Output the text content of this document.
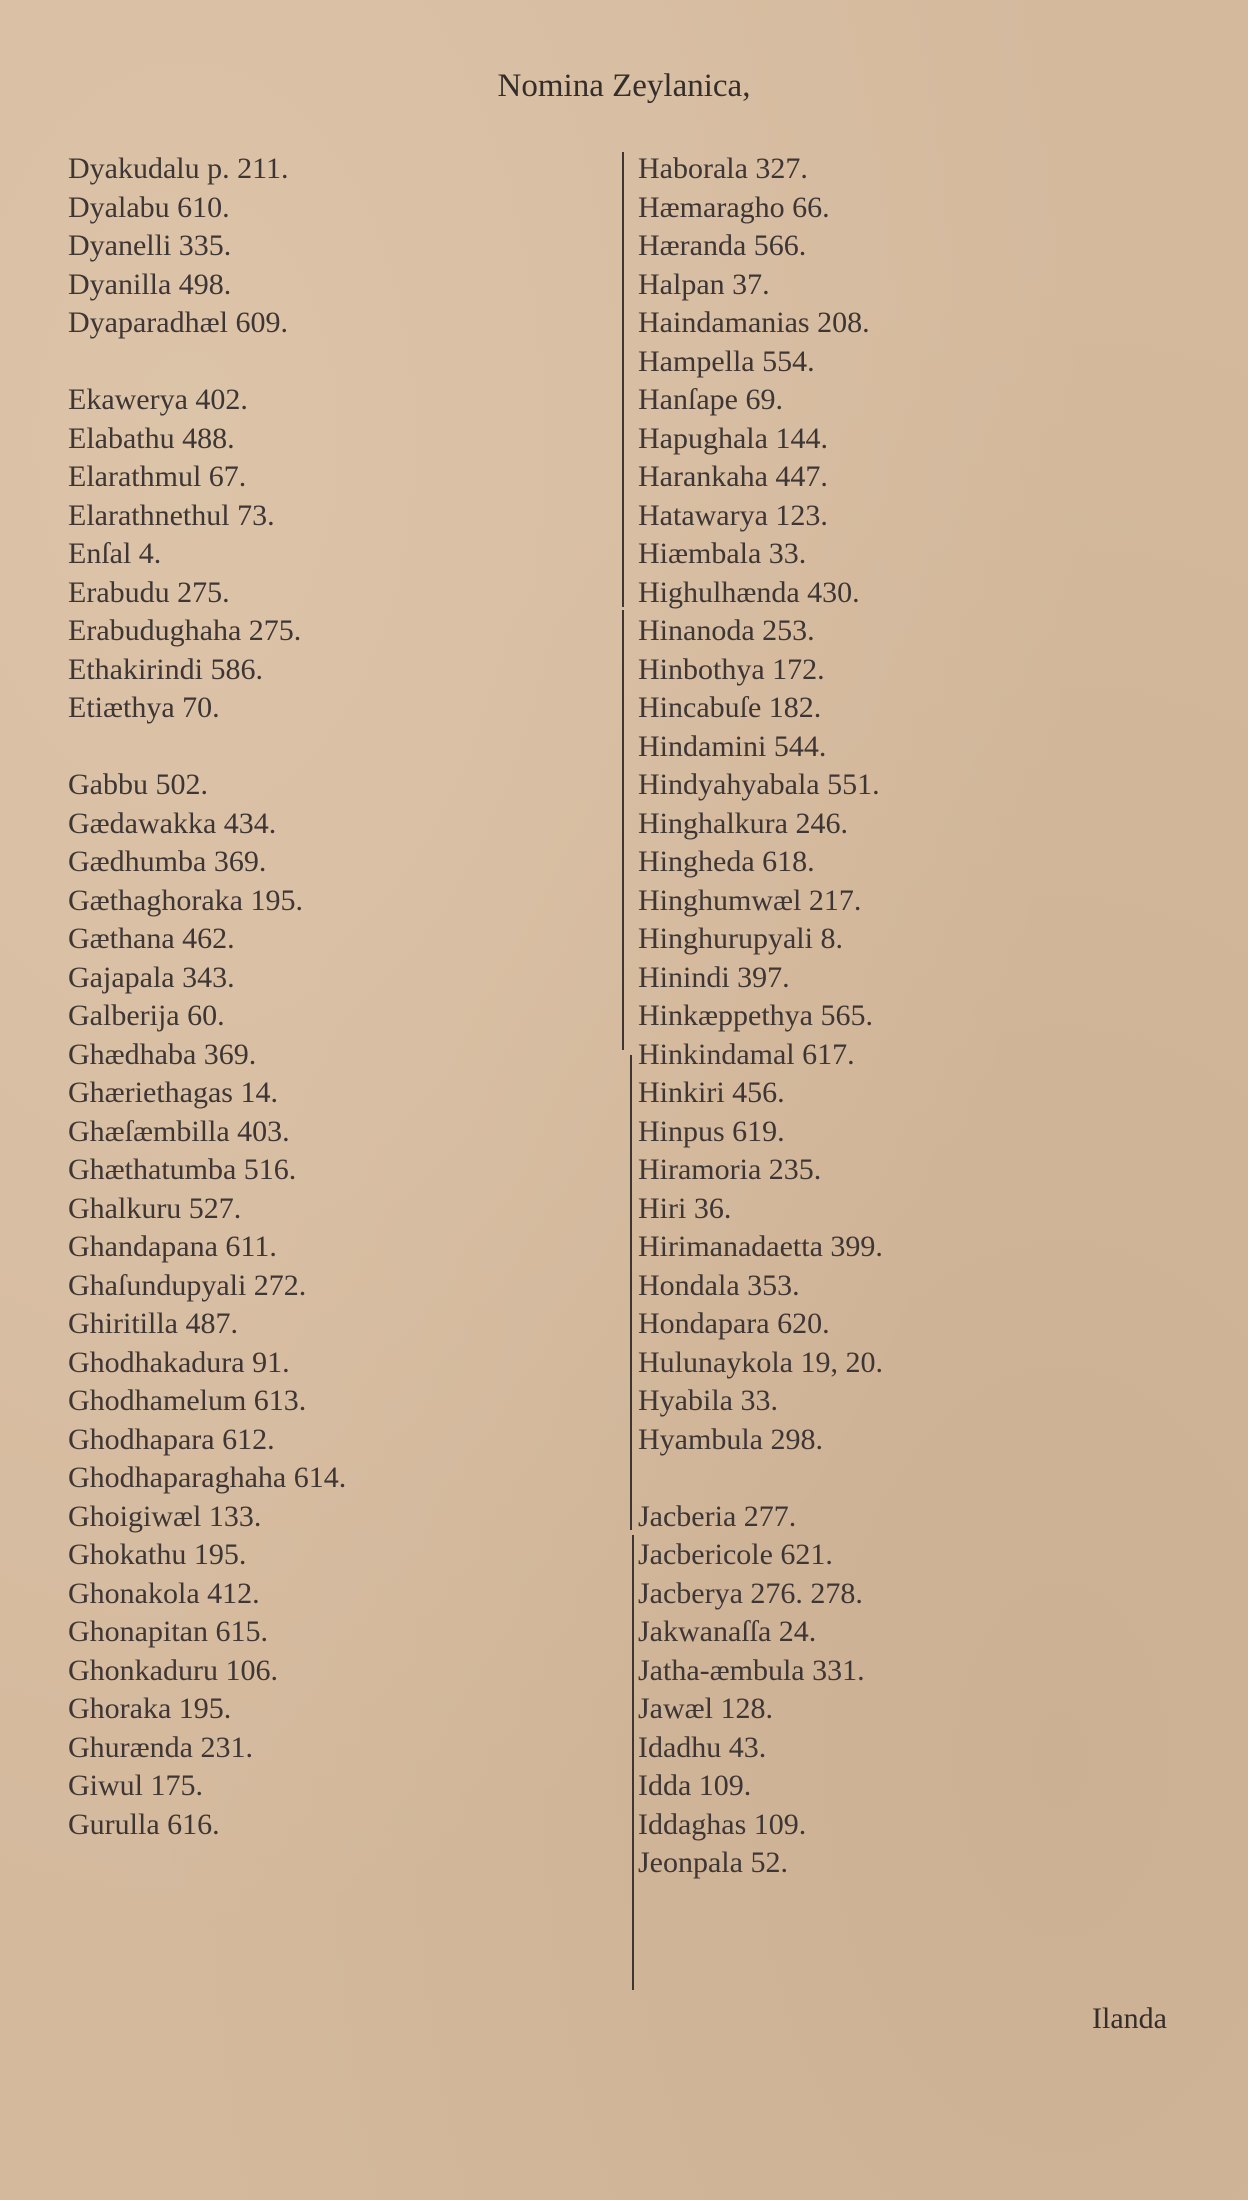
Nomina Zeylanica,
Dyakudalu p. 211.
Dyalabu 610.
Dyanelli 335.
Dyanilla 498.
Dyaparadhæl 609.
Ekawerya 402.
Elabathu 488.
Elarathmul 67.
Elarathnethul 73.
Enſal 4.
Erabudu 275.
Erabudughaha 275.
Ethakirindi 586.
Etiæthya 70.
Gabbu 502.
Gædawakka 434.
Gædhumba 369.
Gæthaghoraka 195.
Gæthana 462.
Gajapala 343.
Galberija 60.
Ghædhaba 369.
Ghæriethagas 14.
Ghæſæmbilla 403.
Ghæthatumba 516.
Ghalkuru 527.
Ghandapana 611.
Ghaſundupyali 272.
Ghiritilla 487.
Ghodhakadura 91.
Ghodhamelum 613.
Ghodhapara 612.
Ghodhaparaghaha 614.
Ghoigiwæl 133.
Ghokathu 195.
Ghonakola 412.
Ghonapitan 615.
Ghonkaduru 106.
Ghoraka 195.
Ghurænda 231.
Giwul 175.
Gurulla 616.
Haborala 327.
Hæmaragho 66.
Hæranda 566.
Halpan 37.
Haindamanias 208.
Hampella 554.
Hanſape 69.
Hapughala 144.
Harankaha 447.
Hatawarya 123.
Hiæmbala 33.
Highulhænda 430.
Hinanoda 253.
Hinbothya 172.
Hincabuſe 182.
Hindamini 544.
Hindyahyabala 551.
Hinghalkura 246.
Hingheda 618.
Hinghumwæl 217.
Hinghurupyali 8.
Hinindi 397.
Hinkæppethya 565.
Hinkindamal 617.
Hinkiri 456.
Hinpus 619.
Hiramoria 235.
Hiri 36.
Hirimanadaetta 399.
Hondala 353.
Hondapara 620.
Hulunaykola 19, 20.
Hyabila 33.
Hyambula 298.
Jacberia 277.
Jacbericole 621.
Jacberya 276. 278.
Jakwanaſſa 24.
Jatha-æmbula 331.
Jawæl 128.
Idadhu 43.
Idda 109.
Iddaghas 109.
Jeonpala 52.
Ilanda
